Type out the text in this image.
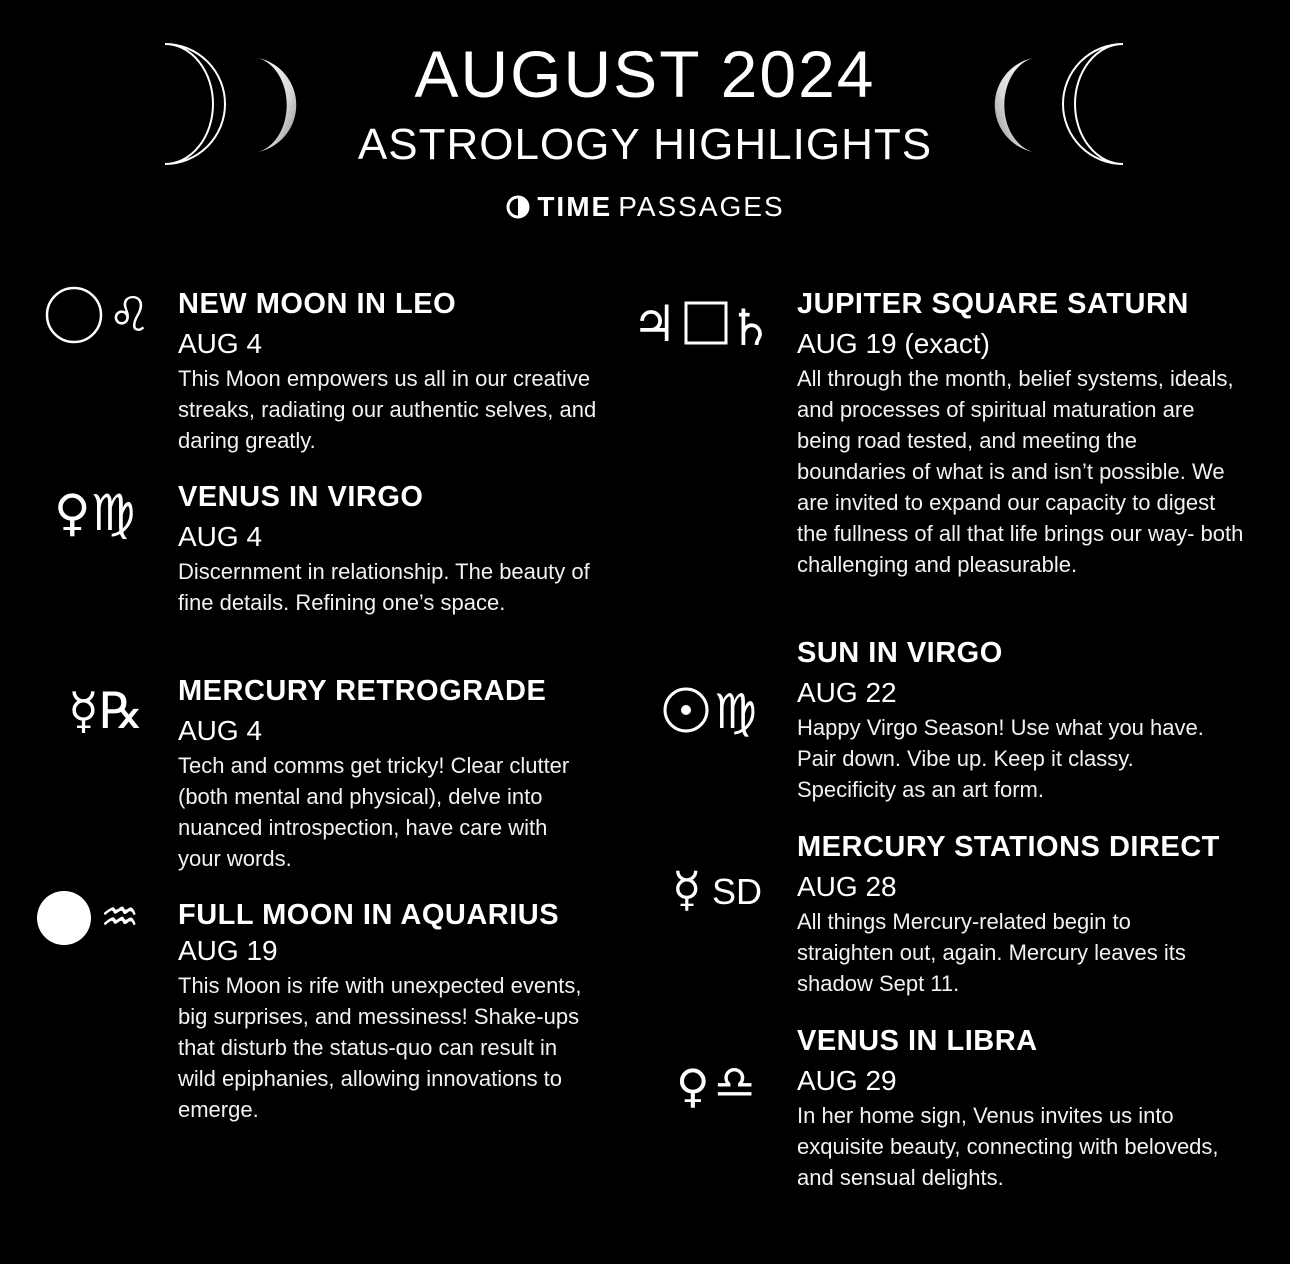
AUGUST 2024
ASTROLOGY HIGHLIGHTS
TIME PASSAGES
♌ NEW MOON IN LEO
AUG 4
This Moon empowers us all in our creative streaks, radiating our authentic selves, and daring greatly.
♀♍ VENUS IN VIRGO
AUG 4
Discernment in relationship. The beauty of fine details. Refining one’s space.
☿℞ MERCURY RETROGRADE
AUG 4
Tech and comms get tricky! Clear clutter (both mental and physical), delve into nuanced introspection, have care with your words.
♒ FULL MOON IN AQUARIUS
AUG 19
This Moon is rife with unexpected events, big surprises, and messiness! Shake-ups that disturb the status-quo can result in wild epiphanies, allowing innovations to emerge.
♃ ♄ JUPITER SQUARE SATURN
AUG 19 (exact)
All through the month, belief systems, ideals, and processes of spiritual maturation are being road tested, and meeting the boundaries of what is and isn’t possible. We are invited to expand our capacity to digest the fullness of all that life brings our way- both challenging and pleasurable.
♍
SUN IN VIRGO
AUG 22
Happy Virgo Season! Use what you have. Pair down. Vibe up. Keep it classy. Specificity as an art form.
☿ SD
MERCURY STATIONS DIRECT
AUG 28
All things Mercury-related begin to straighten out, again. Mercury leaves its shadow Sept 11.
♀ ♎
VENUS IN LIBRA
AUG 29
In her home sign, Venus invites us into exquisite beauty, connecting with beloveds, and sensual delights.
